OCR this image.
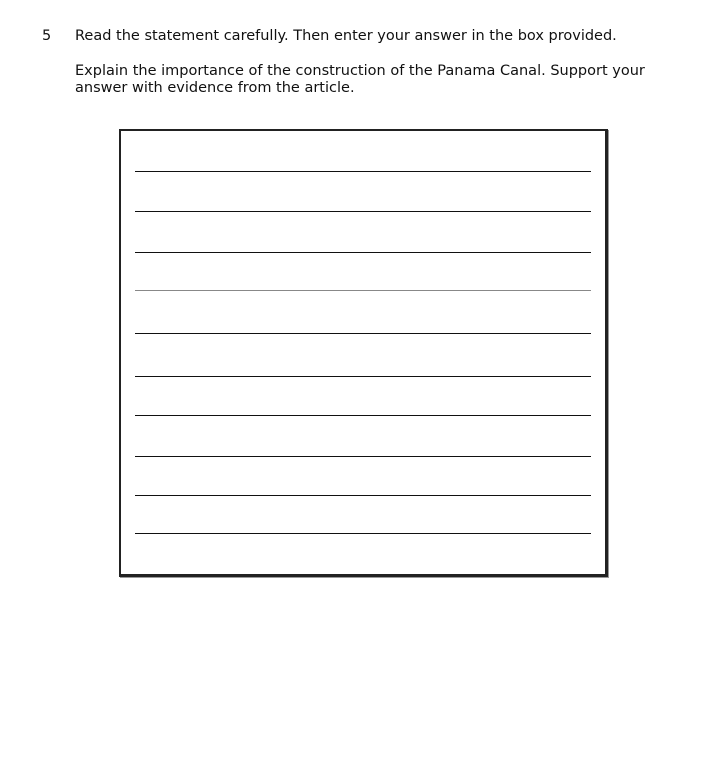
5 Read the statement carefully. Then enter your answer in the box provided.
Explain the importance of the construction of the Panama Canal. Support your
answer with evidence from the article.
